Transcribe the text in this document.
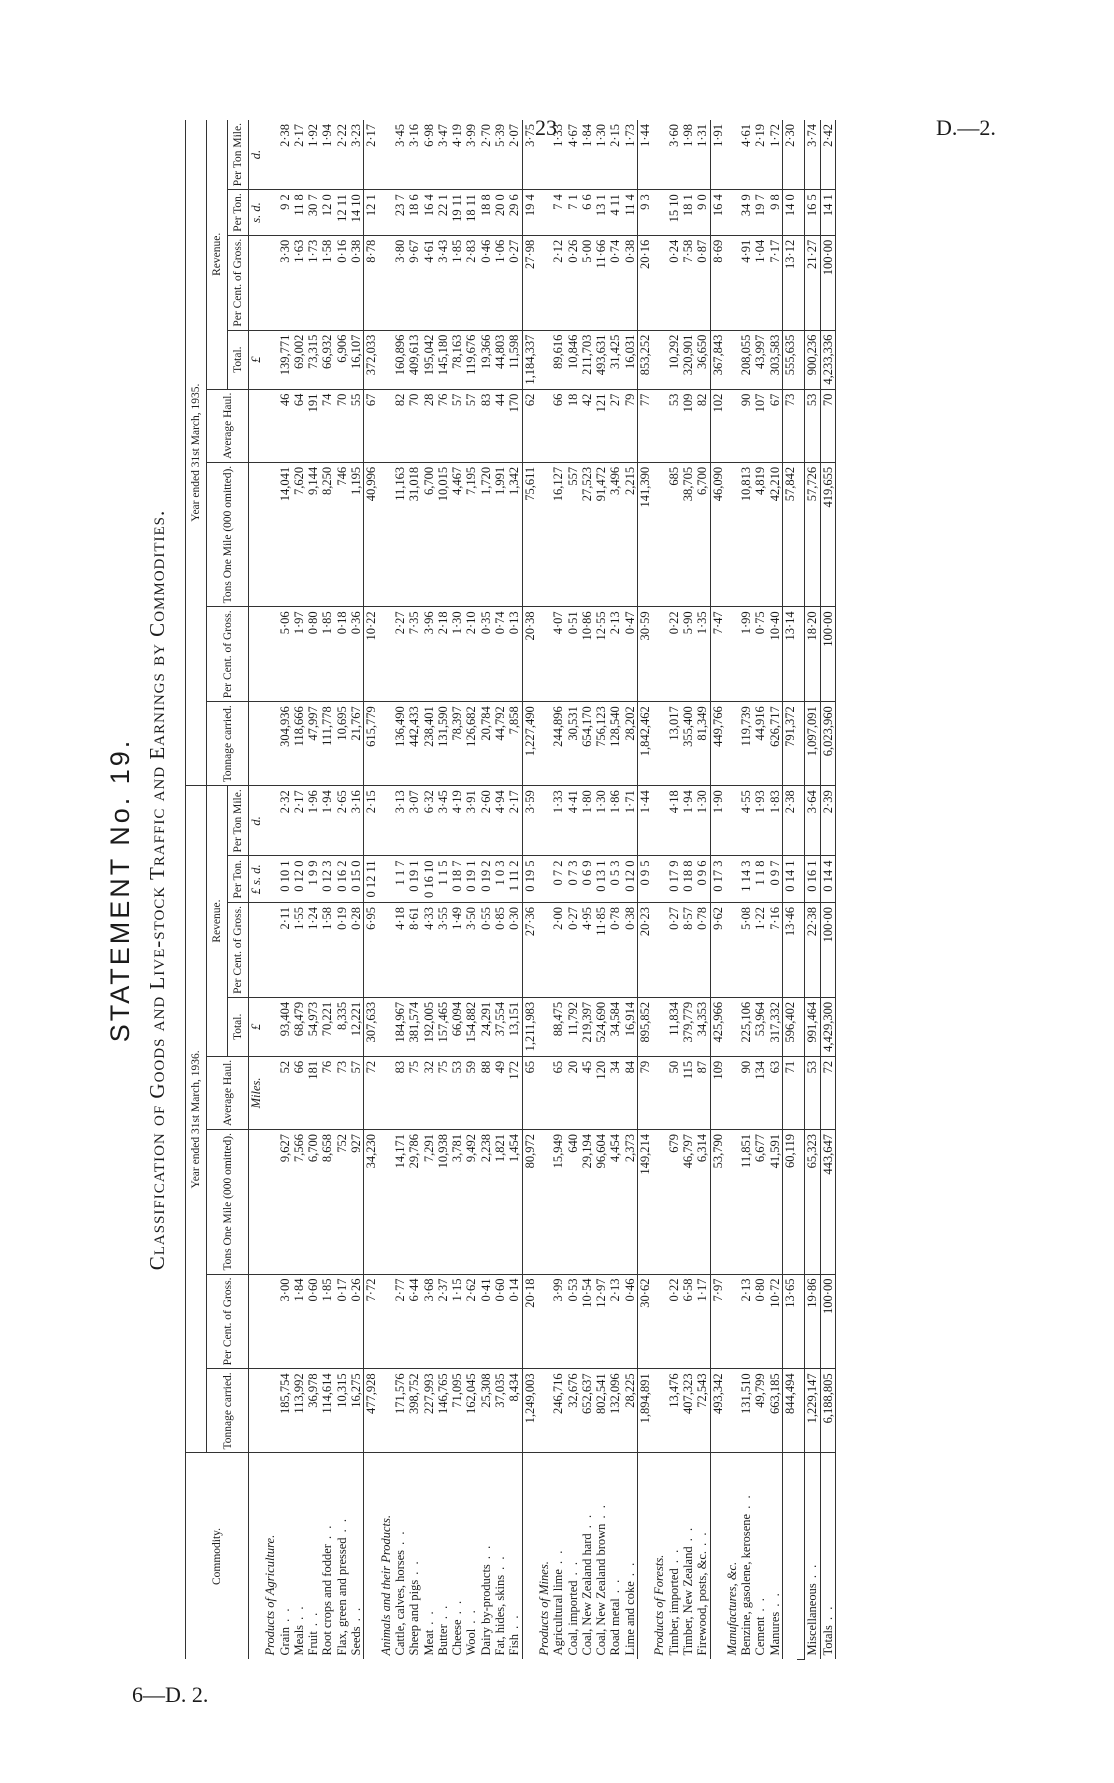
23	D.—2.
6—D. 2.
STATEMENT No. 19. Classification of Goods and Live-stock Traffic and Earnings by Commodities.
Commodity.	Year ended 31st March, 1936.								Year ended 31st March, 1935.							
	Tonnage carried.	Per Cent. of Gross.	Tons One Mile (000 omitted).	Average Haul.	Revenue.				Tonnage carried.	Per Cent. of Gross.	Tons One Mile (000 omitted).	Average Haul.	Revenue.			
					Total.	Per Cent. of Gross.	Per Ton.	Per Ton Mile.					Total.	Per Cent. of Gross.	Per Ton.	Per Ton Mile.
				Miles.	£		£ s. d.	d.					£		s. d.	d.
Products of Agriculture.																
Grain . .	185,754	3·00	9,627	52	93,404	2·11	0 10 1	2·32	304,936	5·06	14,041	46	139,771	3·30	9 2	2·38
Meals . .	113,992	1·84	7,566	66	68,479	1·55	0 12 0	2·17	118,666	1·97	7,620	64	69,002	1·63	11 8	2·17
Fruit . .	36,978	0·60	6,700	181	54,973	1·24	1 9 9	1·96	47,997	0·80	9,144	191	73,315	1·73	30 7	1·92
Root crops and fodder . .	114,614	1·85	8,658	76	70,221	1·58	0 12 3	1·94	111,778	1·85	8,250	74	66,932	1·58	12 0	1·94
Flax, green and pressed . .	10,315	0·17	752	73	8,335	0·19	0 16 2	2·65	10,695	0·18	746	70	6,906	0·16	12 11	2·22
Seeds . .	16,275	0·26	927	57	12,221	0·28	0 15 0	3·16	21,767	0·36	1,195	55	16,107	0·38	14 10	3·23
	477,928	7·72	34,230	72	307,633	6·95	0 12 11	2·15	615,779	10·22	40,996	67	372,033	8·78	12 1	2·17
Animals and their Products.																
Cattle, calves, horses . .	171,576	2·77	14,171	83	184,967	4·18	1 1 7	3·13	136,490	2·27	11,163	82	160,896	3·80	23 7	3·45
Sheep and pigs . .	398,752	6·44	29,786	75	381,574	8·61	0 19 1	3·07	442,433	7·35	31,018	70	409,613	9·67	18 6	3·16
Meat . .	227,993	3·68	7,291	32	192,005	4·33	0 16 10	6·32	238,401	3·96	6,700	28	195,042	4·61	16 4	6·98
Butter . .	146,765	2·37	10,938	75	157,465	3·55	1 1 5	3·45	131,590	2·18	10,015	76	145,180	3·43	22 1	3·47
Cheese . .	71,095	1·15	3,781	53	66,094	1·49	0 18 7	4·19	78,397	1·30	4,467	57	78,163	1·85	19 11	4·19
Wool . .	162,045	2·62	9,492	59	154,882	3·50	0 19 1	3·91	126,682	2·10	7,195	57	119,676	2·83	18 11	3·99
Dairy by-products . .	25,308	0·41	2,238	88	24,291	0·55	0 19 2	2·60	20,784	0·35	1,720	83	19,366	0·46	18 8	2·70
Fat, hides, skins . .	37,035	0·60	1,821	49	37,554	0·85	1 0 3	4·94	44,792	0·74	1,991	44	44,803	1·06	20 0	5·39
Fish . .	8,434	0·14	1,454	172	13,151	0·30	1 11 2	2·17	7,858	0·13	1,342	170	11,598	0·27	29 6	2·07
	1,249,003	20·18	80,972	65	1,211,983	27·36	0 19 5	3·59	1,227,490	20·38	75,611	62	1,184,337	27·98	19 4	3·75
Products of Mines.																
Agricultural lime . .	246,716	3·99	15,949	65	88,475	2·00	0 7 2	1·33	244,896	4·07	16,127	66	89,616	2·12	7 4	1·33
Coal, imported . .	32,676	0·53	640	20	11,792	0·27	0 7 3	4·41	30,531	0·51	557	18	10,846	0·26	7 1	4·67
Coal, New Zealand hard . .	652,637	10·54	29,194	45	219,397	4·95	0 6 9	1·80	654,170	10·86	27,523	42	211,703	5·00	6 6	1·84
Coal, New Zealand brown . .	802,541	12·97	96,604	120	524,690	11·85	0 13 1	1·30	756,123	12·55	91,472	121	493,631	11·66	13 1	1·30
Road metal . .	132,096	2·13	4,454	34	34,584	0·78	0 5 3	1·86	128,540	2·13	3,496	27	31,425	0·74	4 11	2·15
Lime and coke . .	28,225	0·46	2,373	84	16,914	0·38	0 12 0	1·71	28,202	0·47	2,215	79	16,031	0·38	11 4	1·73
	1,894,891	30·62	149,214	79	895,852	20·23	0 9 5	1·44	1,842,462	30·59	141,390	77	853,252	20·16	9 3	1·44
Products of Forests.																
Timber, imported . .	13,476	0·22	679	50	11,834	0·27	0 17 9	4·18	13,017	0·22	685	53	10,292	0·24	15 10	3·60
Timber, New Zealand . .	407,323	6·58	46,797	115	379,779	8·57	0 18 8	1·94	355,400	5·90	38,705	109	320,901	7·58	18 1	1·98
Firewood, posts, &c. . .	72,543	1·17	6,314	87	34,353	0·78	0 9 6	1·30	81,349	1·35	6,700	82	36,650	0·87	9 0	1·31
	493,342	7·97	53,790	109	425,966	9·62	0 17 3	1·90	449,766	7·47	46,090	102	367,843	8·69	16 4	1·91
Manufactures, &c.																
Benzine, gasolene, kerosene . .	131,510	2·13	11,851	90	225,106	5·08	1 14 3	4·55	119,739	1·99	10,813	90	208,055	4·91	34 9	4·61
Cement . .	49,799	0·80	6,677	134	53,964	1·22	1 1 8	1·93	44,916	0·75	4,819	107	43,997	1·04	19 7	2·19
Manures . .	663,185	10·72	41,591	63	317,332	7·16	0 9 7	1·83	626,717	10·40	42,210	67	303,583	7·17	9 8	1·72
	844,494	13·65	60,119	71	596,402	13·46	0 14 1	2·38	791,372	13·14	57,842	73	555,635	13·12	14 0	2·30

Miscellaneous . .	1,229,147	19·86	65,323	53	991,464	22·38	0 16 1	3·64	1,097,091	18·20	57,726	53	900,236	21·27	16 5	3·74
Totals . .	6,188,805	100·00	443,647	72	4,429,300	100·00	0 14 4	2·39	6,023,960	100·00	419,655	70	4,233,336	100·00	14 1	2·42
